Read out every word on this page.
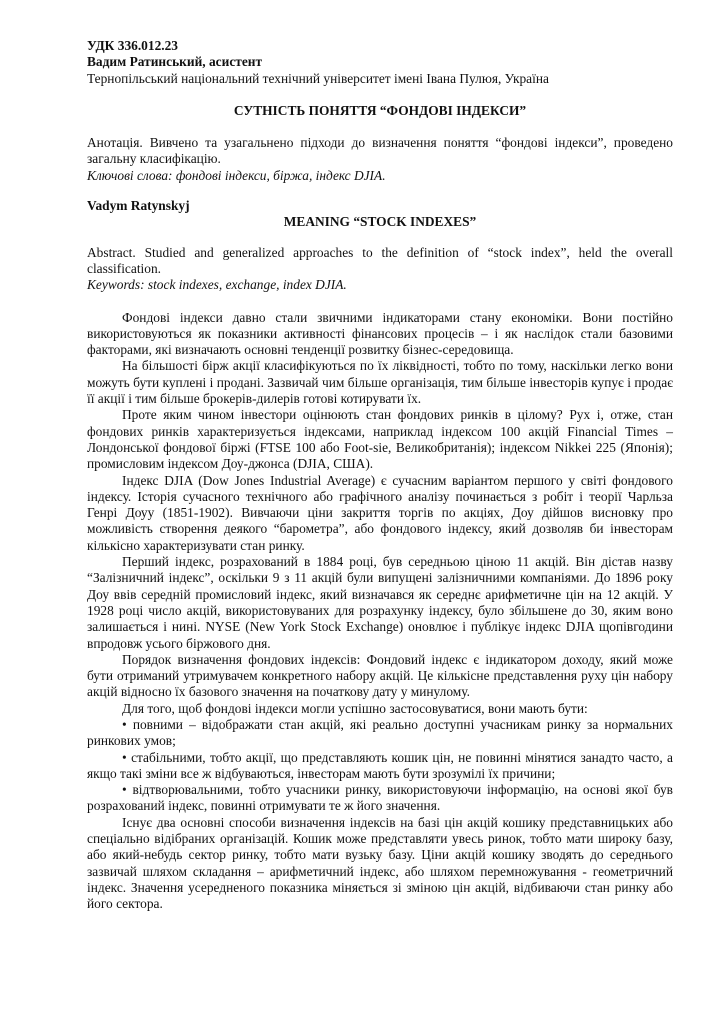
УДК 336.012.23

Вадим Ратинський, асистент

Тернопільський національний технічний університет імені Івана Пулюя, Україна

СУТНІСТЬ ПОНЯТТЯ “ФОНДОВІ ІНДЕКСИ”

Анотація. Вивчено та узагальнено підходи до визначення поняття “фондові індекси”, проведено загальну класифікацію.

Ключові слова: фондові індекси, біржа, індекс DJIA.

Vadym Ratynskyj

MEANING “STOCK INDEXES”

Abstract. Studied and generalized approaches to the definition of “stock index”, held the overall classification.

Keywords: stock indexes, exchange, index DJIA.

Фондові індекси давно стали звичними індикаторами стану економіки. Вони постійно використовуються як показники активності фінансових процесів – і як наслідок стали базовими факторами, які визначають основні тенденції розвитку бізнес-середовища.

На більшості бірж акції класифікуються по їх ліквідності, тобто по тому, наскільки легко вони можуть бути куплені і продані. Зазвичай чим більше організація, тим більше інвесторів купує і продає її акції і тим більше брокерів-дилерів готові котирувати їх.

Проте яким чином інвестори оцінюють стан фондових ринків в цілому? Рух і, отже, стан фондових ринків характеризується індексами, наприклад індексом 100 акцій Financial Times – Лондонської фондової біржі (FTSE 100 або Foot-sie, Великобританія); індексом Nikkei 225 (Японія); промисловим індексом Доу-джонса (DJIA, США).

Індекс DJIA (Dow Jones Industrial Average) є сучасним варіантом першого у світі фондового індексу. Історія сучасного технічного або графічного аналізу починається з робіт і теорії Чарльза Генрі Доуу (1851-1902). Вивчаючи ціни закриття торгів по акціях, Доу дійшов висновку про можливість створення деякого “барометра”, або фондового індексу, який дозволяв би інвесторам кількісно характеризувати стан ринку.

Перший індекс, розрахований в 1884 році, був середньою ціною 11 акцій. Він дістав назву “Залізничний індекс”, оскільки 9 з 11 акцій були випущені залізничними компаніями. До 1896 року Доу ввів середній промисловий індекс, який визначався як середнє арифметичне цін на 12 акцій. У 1928 році число акцій, використовуваних для розрахунку індексу, було збільшене до 30, яким воно залишається і нині. NYSE (New York Stock Exchange) оновлює і публікує індекс DJIA щопівгодини впродовж усього біржового дня.

Порядок визначення фондових індексів: Фондовий індекс є індикатором доходу, який може бути отриманий утримувачем конкретного набору акцій. Це кількісне представлення руху цін набору акцій відносно їх базового значення на початкову дату у минулому.

Для того, щоб фондові індекси могли успішно застосовуватися, вони мають бути:

• повними – відображати стан акцій, які реально доступні учасникам ринку за нормальних ринкових умов;

• стабільними, тобто акції, що представляють кошик цін, не повинні мінятися занадто часто, а якщо такі зміни все ж відбуваються, інвесторам мають бути зрозумілі їх причини;

• відтворювальними, тобто учасники ринку, використовуючи інформацію, на основі якої був розрахований індекс, повинні отримувати те ж його значення.

Існує два основні способи визначення індексів на базі цін акцій кошику представницьких або спеціально відібраних організацій. Кошик може представляти увесь ринок, тобто мати широку базу, або який-небудь сектор ринку, тобто мати вузьку базу. Ціни акцій кошику зводять до середнього зазвичай шляхом складання – арифметичний індекс, або шляхом перемножування - геометричний індекс. Значення усередненого показника міняється зі зміною цін акцій, відбиваючи стан ринку або його сектора.
